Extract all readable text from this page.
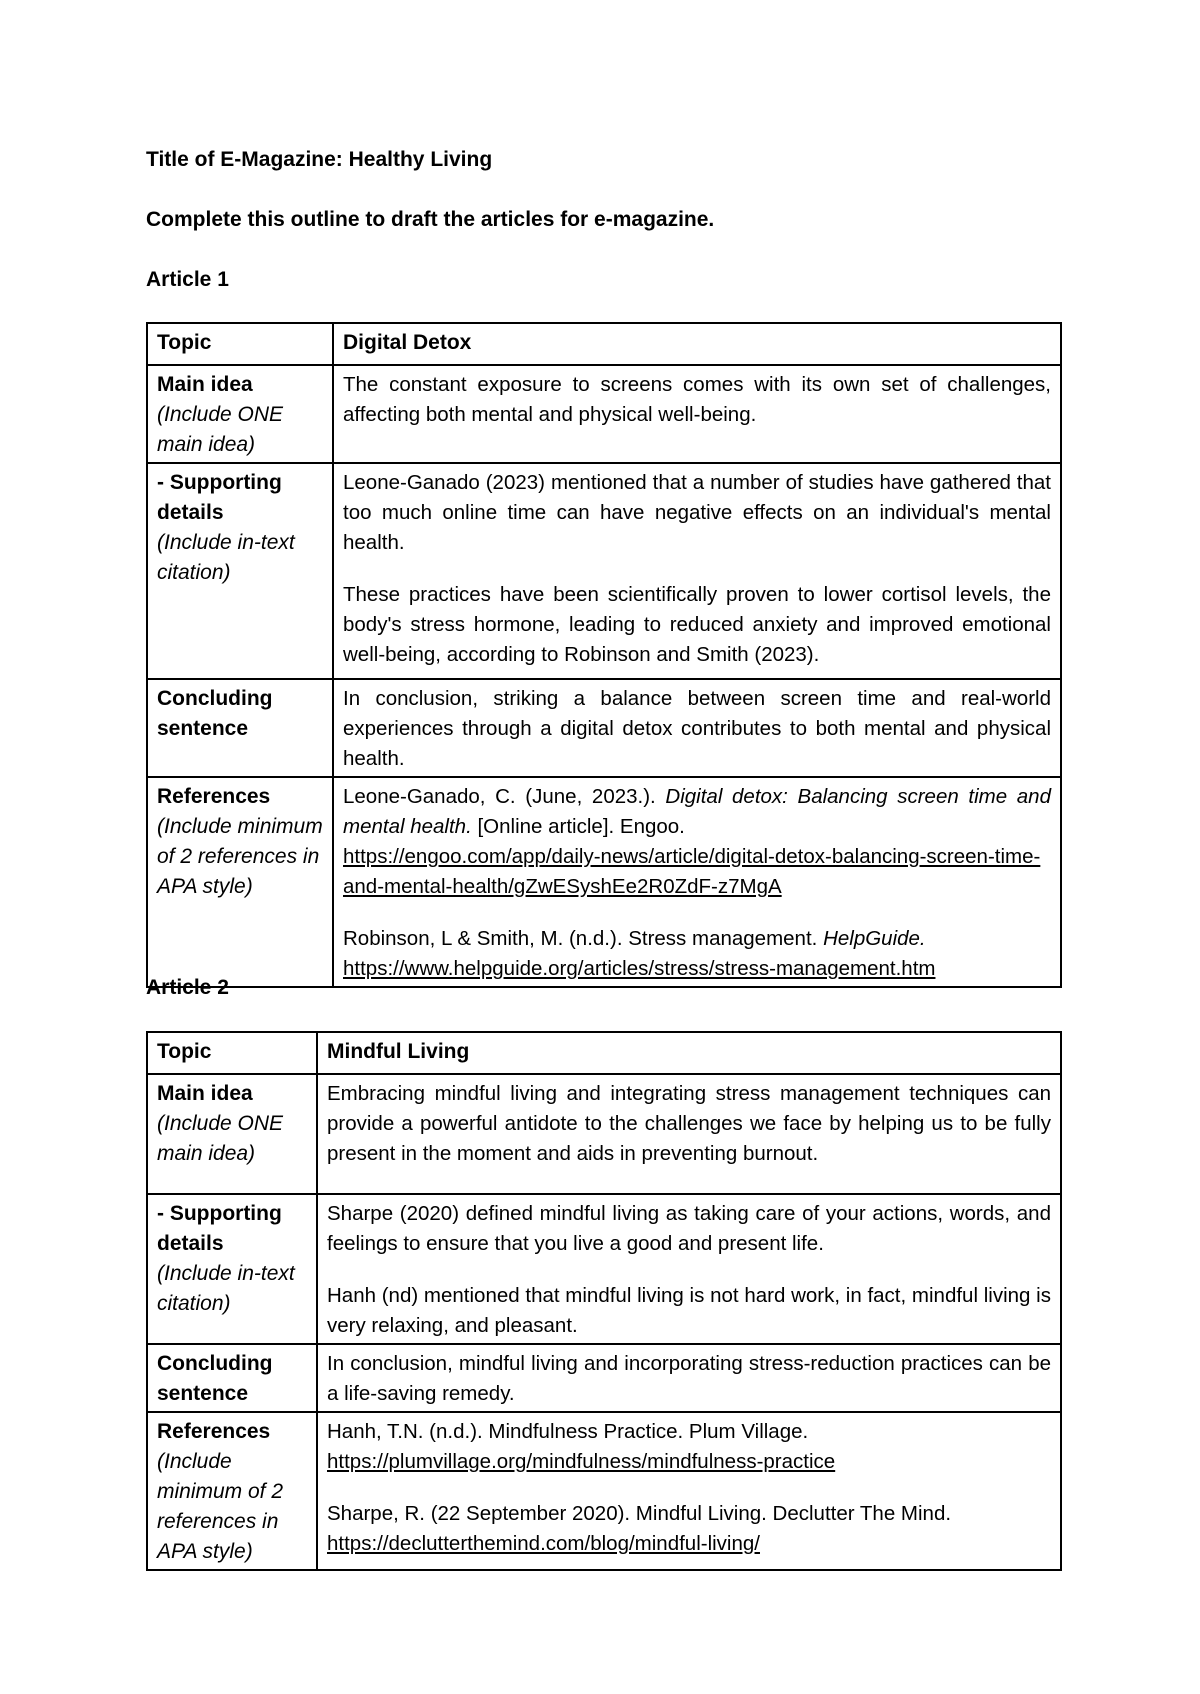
Title of E-Magazine: Healthy Living
Complete this outline to draft the articles for e-magazine.
Article 1
Topic	Digital Detox
Main idea
(Include ONE main idea)	The constant exposure to screens comes with its own set of challenges, affecting both mental and physical well-being.
- Supporting details
(Include in-text citation)	Leone-Ganado (2023) mentioned that a number of studies have gathered that too much online time can have negative effects on an individual's mental health.
These practices have been scientifically proven to lower cortisol levels, the body's stress hormone, leading to reduced anxiety and improved emotional well-being, according to Robinson and Smith (2023).

Concluding sentence	In conclusion, striking a balance between screen time and real-world experiences through a digital detox contributes to both mental and physical health.
References
(Include minimum of 2 references in APA style)	Leone-Ganado, C. (June, 2023.). Digital detox: Balancing screen time and mental health. [Online article]. Engoo.
https://engoo.com/app/daily-news/article/digital-detox-balancing-screen-time-and-mental-health/gZwESyshEe2R0ZdF-z7MgA
Robinson, L & Smith, M. (n.d.). Stress management. HelpGuide.
https://www.helpguide.org/articles/stress/stress-management.htm
Article 2
Topic	Mindful Living
Main idea
(Include ONE main idea)	Embracing mindful living and integrating stress management techniques can provide a powerful antidote to the challenges we face by helping us to be fully present in the moment and aids in preventing burnout.
- Supporting details
(Include in-text citation)	Sharpe (2020) defined mindful living as taking care of your actions, words, and feelings to ensure that you live a good and present life.
Hanh (nd) mentioned that mindful living is not hard work, in fact, mindful living is very relaxing, and pleasant.

Concluding sentence	In conclusion, mindful living and incorporating stress-reduction practices can be a life-saving remedy.
References
(Include minimum of 2 references in APA style)	Hanh, T.N. (n.d.). Mindfulness Practice. Plum Village.
https://plumvillage.org/mindfulness/mindfulness-practice
Sharpe, R. (22 September 2020). Mindful Living. Declutter The Mind.
https://declutterthemind.com/blog/mindful-living/
